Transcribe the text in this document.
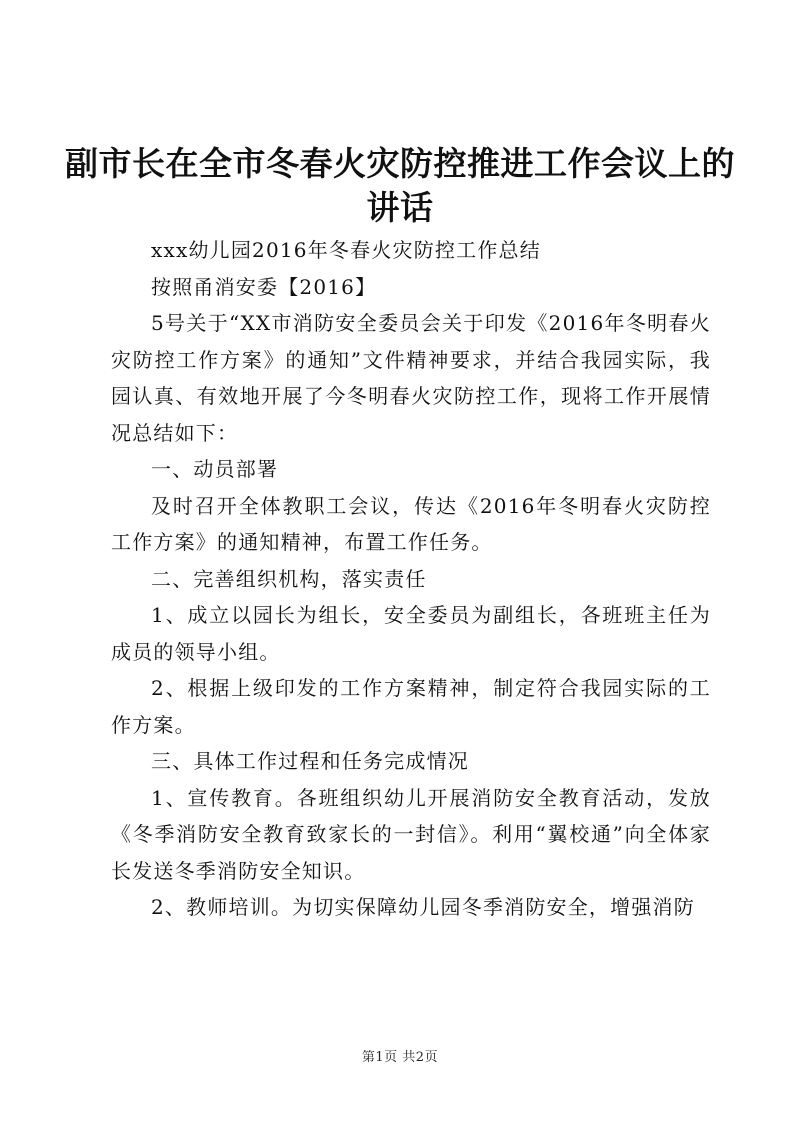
副市长在全市冬春火灾防控推进工作会议上的
讲话

xxx幼儿园2016年冬春火灾防控工作总结

按照甬消安委【2016】

5号关于“XX市消防安全委员会关于印发《2016年冬明春火灾防控工作方案》的通知”文件精神要求，并结合我园实际，我园认真、有效地开展了今冬明春火灾防控工作，现将工作开展情况总结如下：

一、动员部署

及时召开全体教职工会议，传达《2016年冬明春火灾防控工作方案》的通知精神，布置工作任务。

二、完善组织机构，落实责任

1、成立以园长为组长，安全委员为副组长，各班班主任为成员的领导小组。

2、根据上级印发的工作方案精神，制定符合我园实际的工作方案。

三、具体工作过程和任务完成情况

1、宣传教育。各班组织幼儿开展消防安全教育活动，发放《冬季消防安全教育致家长的一封信》。利用“翼校通”向全体家长发送冬季消防安全知识。

2、教师培训。为切实保障幼儿园冬季消防安全，增强消防

第1页 共2页
